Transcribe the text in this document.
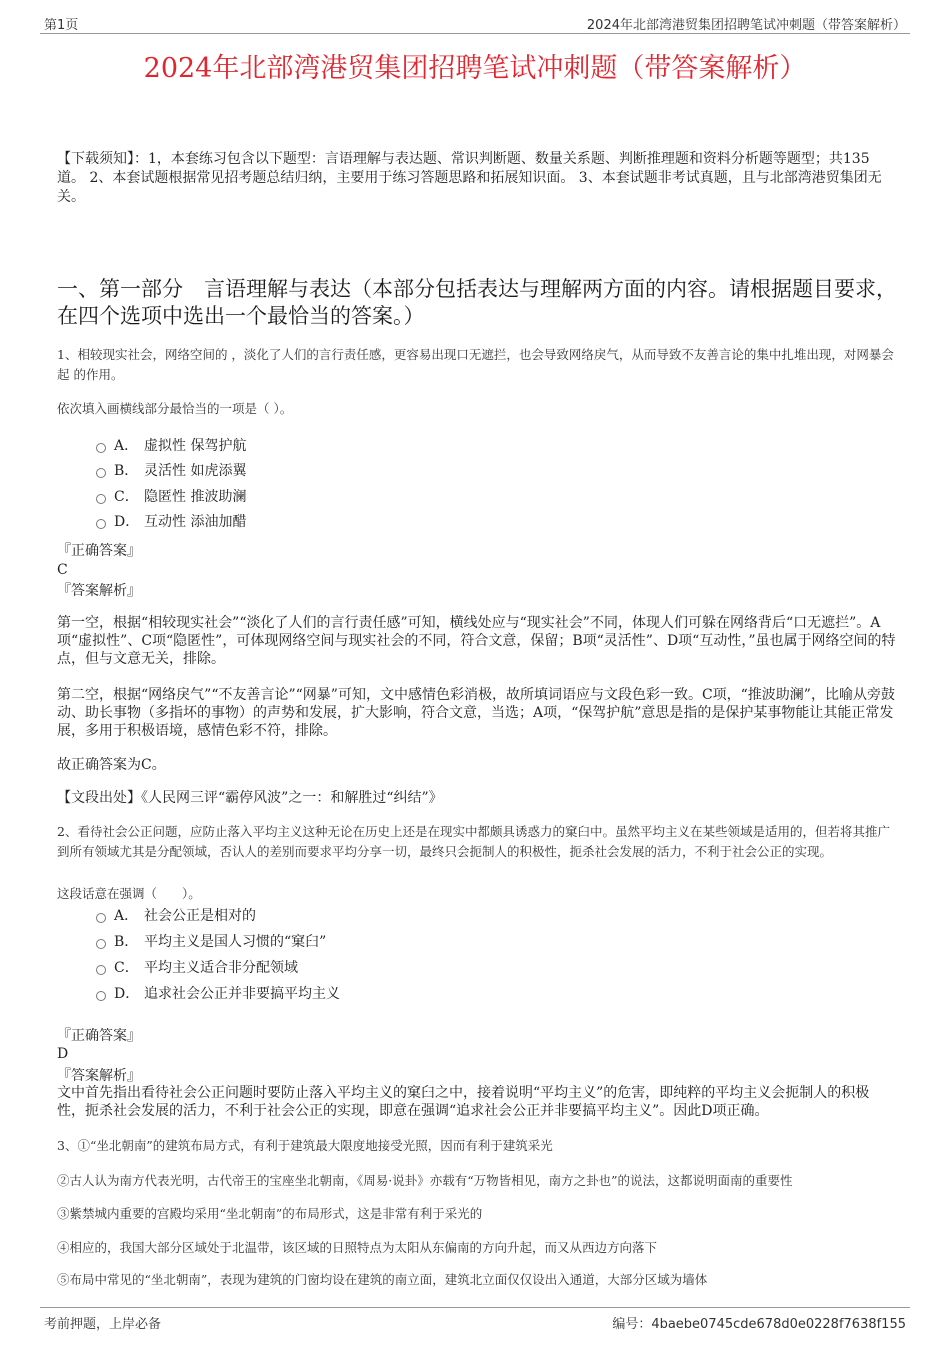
第1页	2024年北部湾港贸集团招聘笔试冲刺题（带答案解析）
2024年北部湾港贸集团招聘笔试冲刺题（带答案解析）
【下载须知】：1，本套练习包含以下题型：言语理解与表达题、常识判断题、数量关系题、判断推理题和资料分析题等题型；共135道。 2、本套试题根据常见招考题总结归纳，主要用于练习答题思路和拓展知识面。 3、本套试题非考试真题，且与北部湾港贸集团无关。
一、第一部分　言语理解与表达（本部分包括表达与理解两方面的内容。请根据题目要求，在四个选项中选出一个最恰当的答案。）
1、相较现实社会，网络空间的 ，淡化了人们的言行责任感，更容易出现口无遮拦，也会导致网络戾气，从而导致不友善言论的集中扎堆出现，对网暴会起 的作用。
依次填入画横线部分最恰当的一项是（ ）。
A． 虚拟性 保驾护航
B． 灵活性 如虎添翼
C． 隐匿性 推波助澜
D． 互动性 添油加醋
『正确答案』
C
『答案解析』
第一空，根据“相较现实社会”“淡化了人们的言行责任感”可知，横线处应与“现实社会”不同，体现人们可躲在网络背后“口无遮拦”。A项“虚拟性”、C项“隐匿性”，可体现网络空间与现实社会的不同，符合文意，保留；B项“灵活性”、D项“互动性，”虽也属于网络空间的特点，但与文意无关，排除。
第二空，根据“网络戾气”“不友善言论”“网暴”可知，文中感情色彩消极，故所填词语应与文段色彩一致。C项，“推波助澜”，比喻从旁鼓动、助长事物（多指坏的事物）的声势和发展，扩大影响，符合文意，当选；A项，“保驾护航”意思是指的是保护某事物能让其能正常发展，多用于积极语境，感情色彩不符，排除。
故正确答案为C。
【文段出处】《人民网三评“霸停风波”之一：和解胜过“纠结”》
2、看待社会公正问题，应防止落入平均主义这种无论在历史上还是在现实中都颇具诱惑力的窠臼中。虽然平均主义在某些领域是适用的，但若将其推广到所有领域尤其是分配领域，否认人的差别而要求平均分享一切，最终只会扼制人的积极性，扼杀社会发展的活力，不利于社会公正的实现。
这段话意在强调（　　）。
A． 社会公正是相对的
B． 平均主义是国人习惯的“窠臼”
C． 平均主义适合非分配领域
D． 追求社会公正并非要搞平均主义
『正确答案』
D
『答案解析』
文中首先指出看待社会公正问题时要防止落入平均主义的窠臼之中，接着说明“平均主义”的危害，即纯粹的平均主义会扼制人的积极性，扼杀社会发展的活力，不利于社会公正的实现，即意在强调“追求社会公正并非要搞平均主义”。因此D项正确。
3、①“坐北朝南”的建筑布局方式，有利于建筑最大限度地接受光照，因而有利于建筑采光
②古人认为南方代表光明，古代帝王的宝座坐北朝南，《周易·说卦》亦载有“万物皆相见，南方之卦也”的说法，这都说明面南的重要性
③紫禁城内重要的宫殿均采用“坐北朝南”的布局形式，这是非常有利于采光的
④相应的，我国大部分区域处于北温带，该区域的日照特点为太阳从东偏南的方向升起，而又从西边方向落下
⑤布局中常见的“坐北朝南”，表现为建筑的门窗均设在建筑的南立面，建筑北立面仅仅设出入通道，大部分区域为墙体
考前押题，上岸必备	编号：4baebe0745cde678d0e0228f7638f155
